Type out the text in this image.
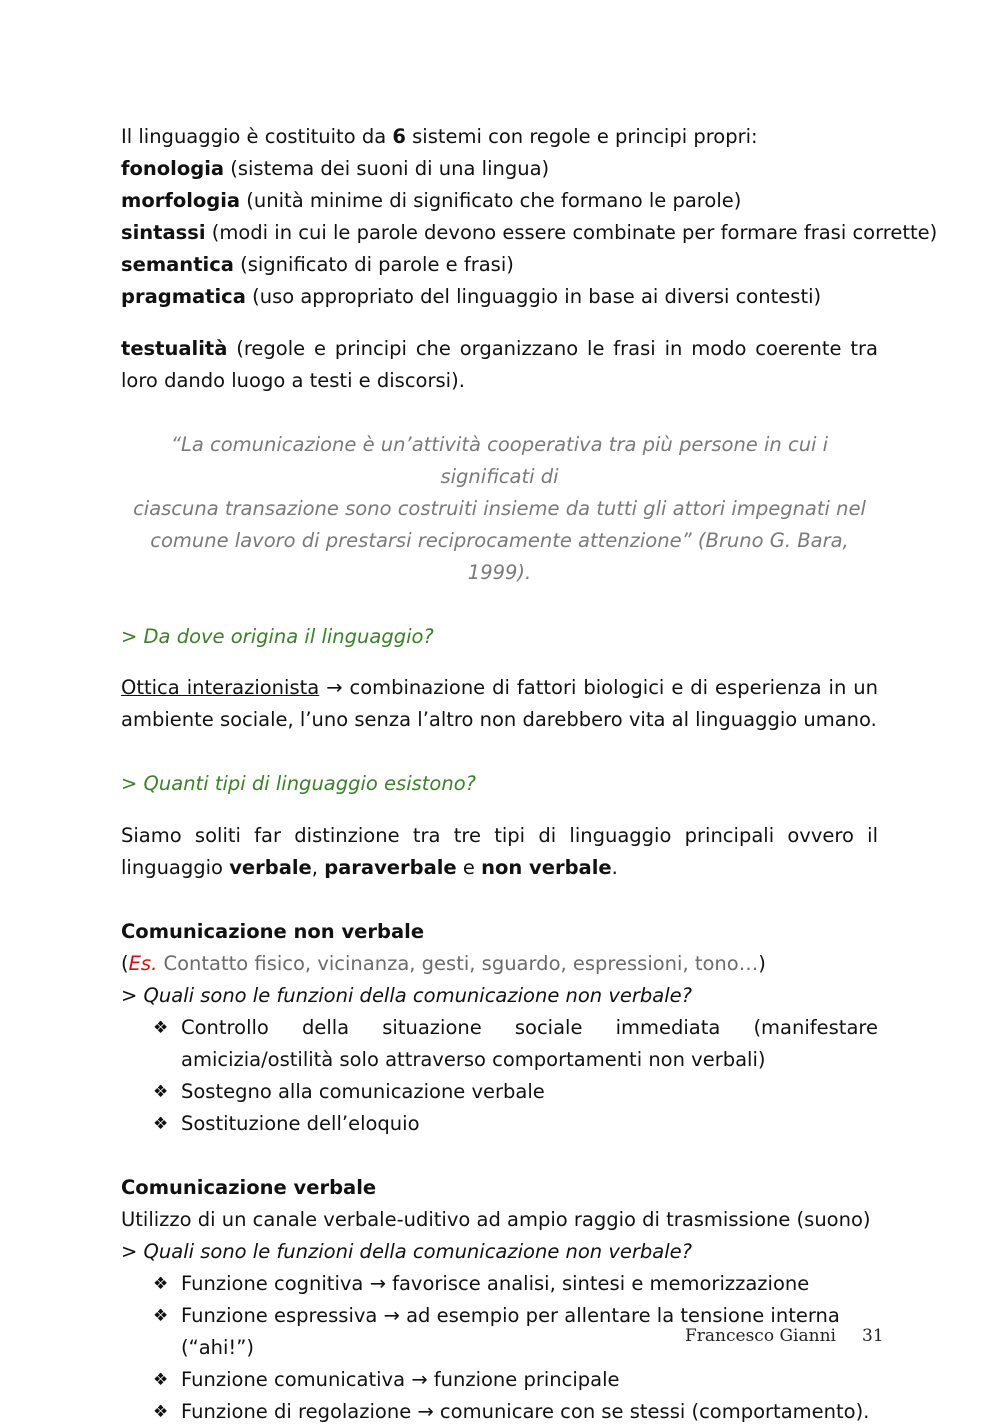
Il linguaggio è costituito da 6 sistemi con regole e principi propri:

fonologia (sistema dei suoni di una lingua)

morfologia (unità minime di significato che formano le parole)

sintassi (modi in cui le parole devono essere combinate per formare frasi corrette)

semantica (significato di parole e frasi)

pragmatica (uso appropriato del linguaggio in base ai diversi contesti)

testualità (regole e principi che organizzano le frasi in modo coerente tra loro dando luogo a testi e discorsi).

“La comunicazione è un’attività cooperativa tra più persone in cui i significati di
ciascuna transazione sono costruiti insieme da tutti gli attori impegnati nel
comune lavoro di prestarsi reciprocamente attenzione” (Bruno G. Bara, 1999).

> Da dove origina il linguaggio?

Ottica interazionista → combinazione di fattori biologici e di esperienza in un ambiente sociale, l’uno senza l’altro non darebbero vita al linguaggio umano.

> Quanti tipi di linguaggio esistono?

Siamo soliti far distinzione tra tre tipi di linguaggio principali ovvero il linguaggio verbale, paraverbale e non verbale.

Comunicazione non verbale

(Es. Contatto fisico, vicinanza, gesti, sguardo, espressioni, tono…)

> Quali sono le funzioni della comunicazione non verbale?

❖ Controllo della situazione sociale immediata (manifestare amicizia/ostilità solo attraverso comportamenti non verbali)
❖ Sostegno alla comunicazione verbale
❖ Sostituzione dell’eloquio

Comunicazione verbale

Utilizzo di un canale verbale-uditivo ad ampio raggio di trasmissione (suono)

> Quali sono le funzioni della comunicazione non verbale?

❖ Funzione cognitiva → favorisce analisi, sintesi e memorizzazione
❖ Funzione espressiva → ad esempio per allentare la tensione interna (“ahi!”)
❖ Funzione comunicativa → funzione principale
❖ Funzione di regolazione → comunicare con se stessi (comportamento).
Francesco Gianni 31
